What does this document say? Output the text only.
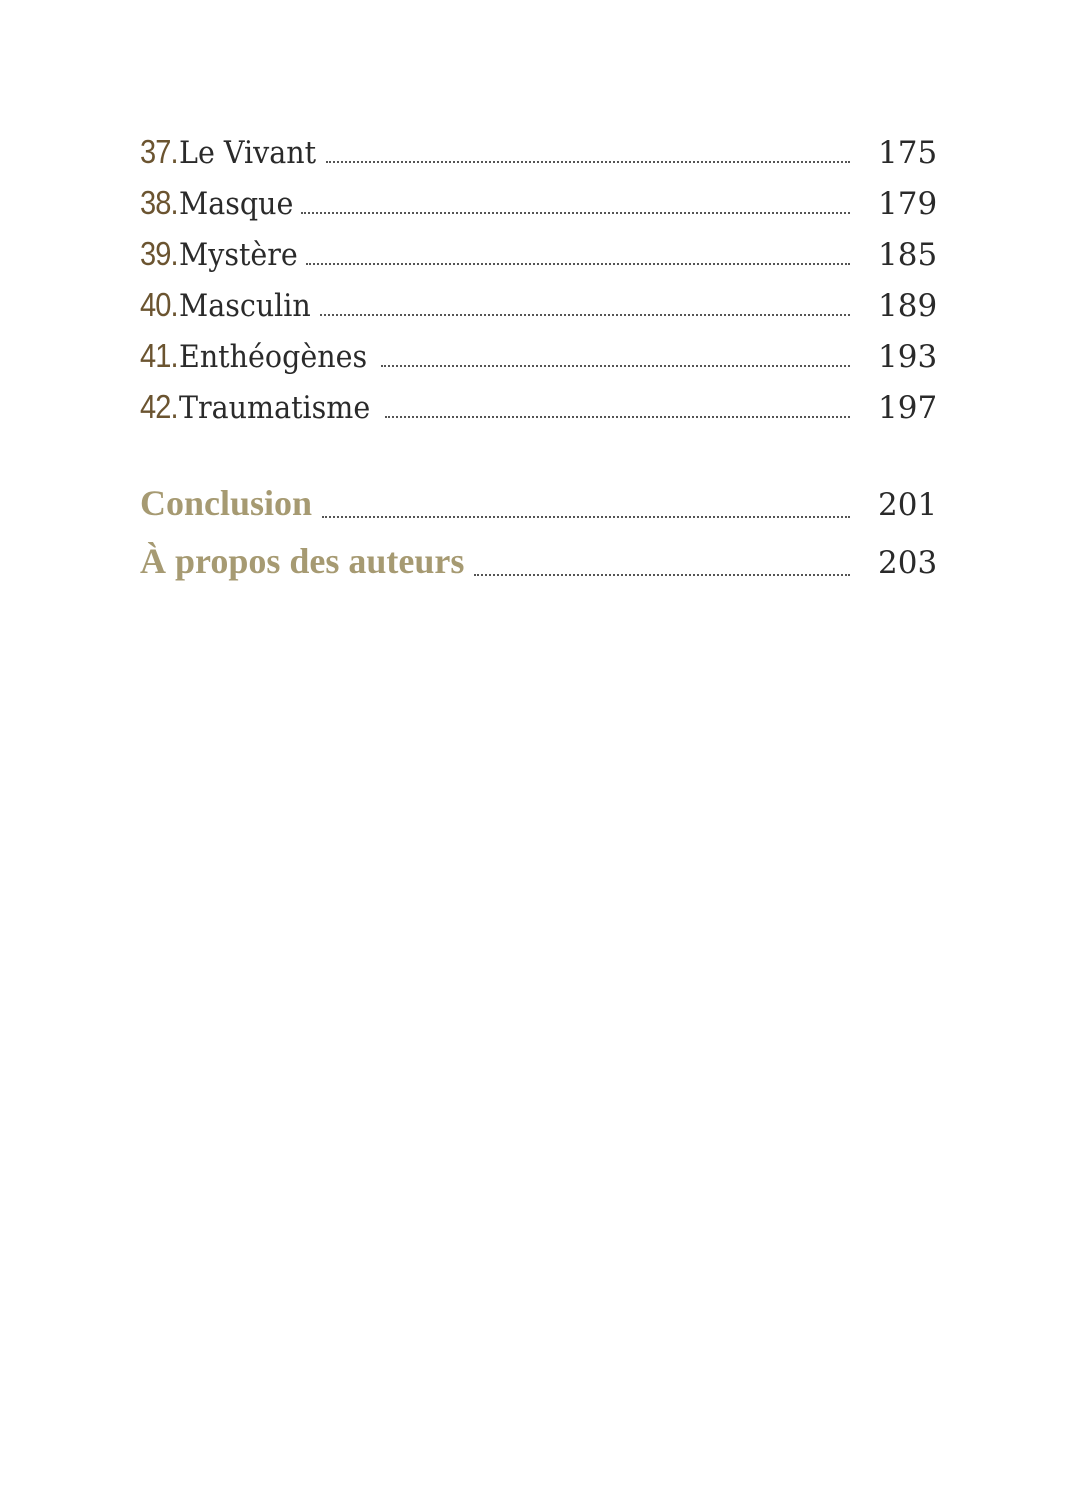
37. Le Vivant	175
38. Masque	179
39. Mystère	185
40. Masculin	189
41. Enthéogènes	193
42. Traumatisme	197
Conclusion	201
À propos des auteurs	203
